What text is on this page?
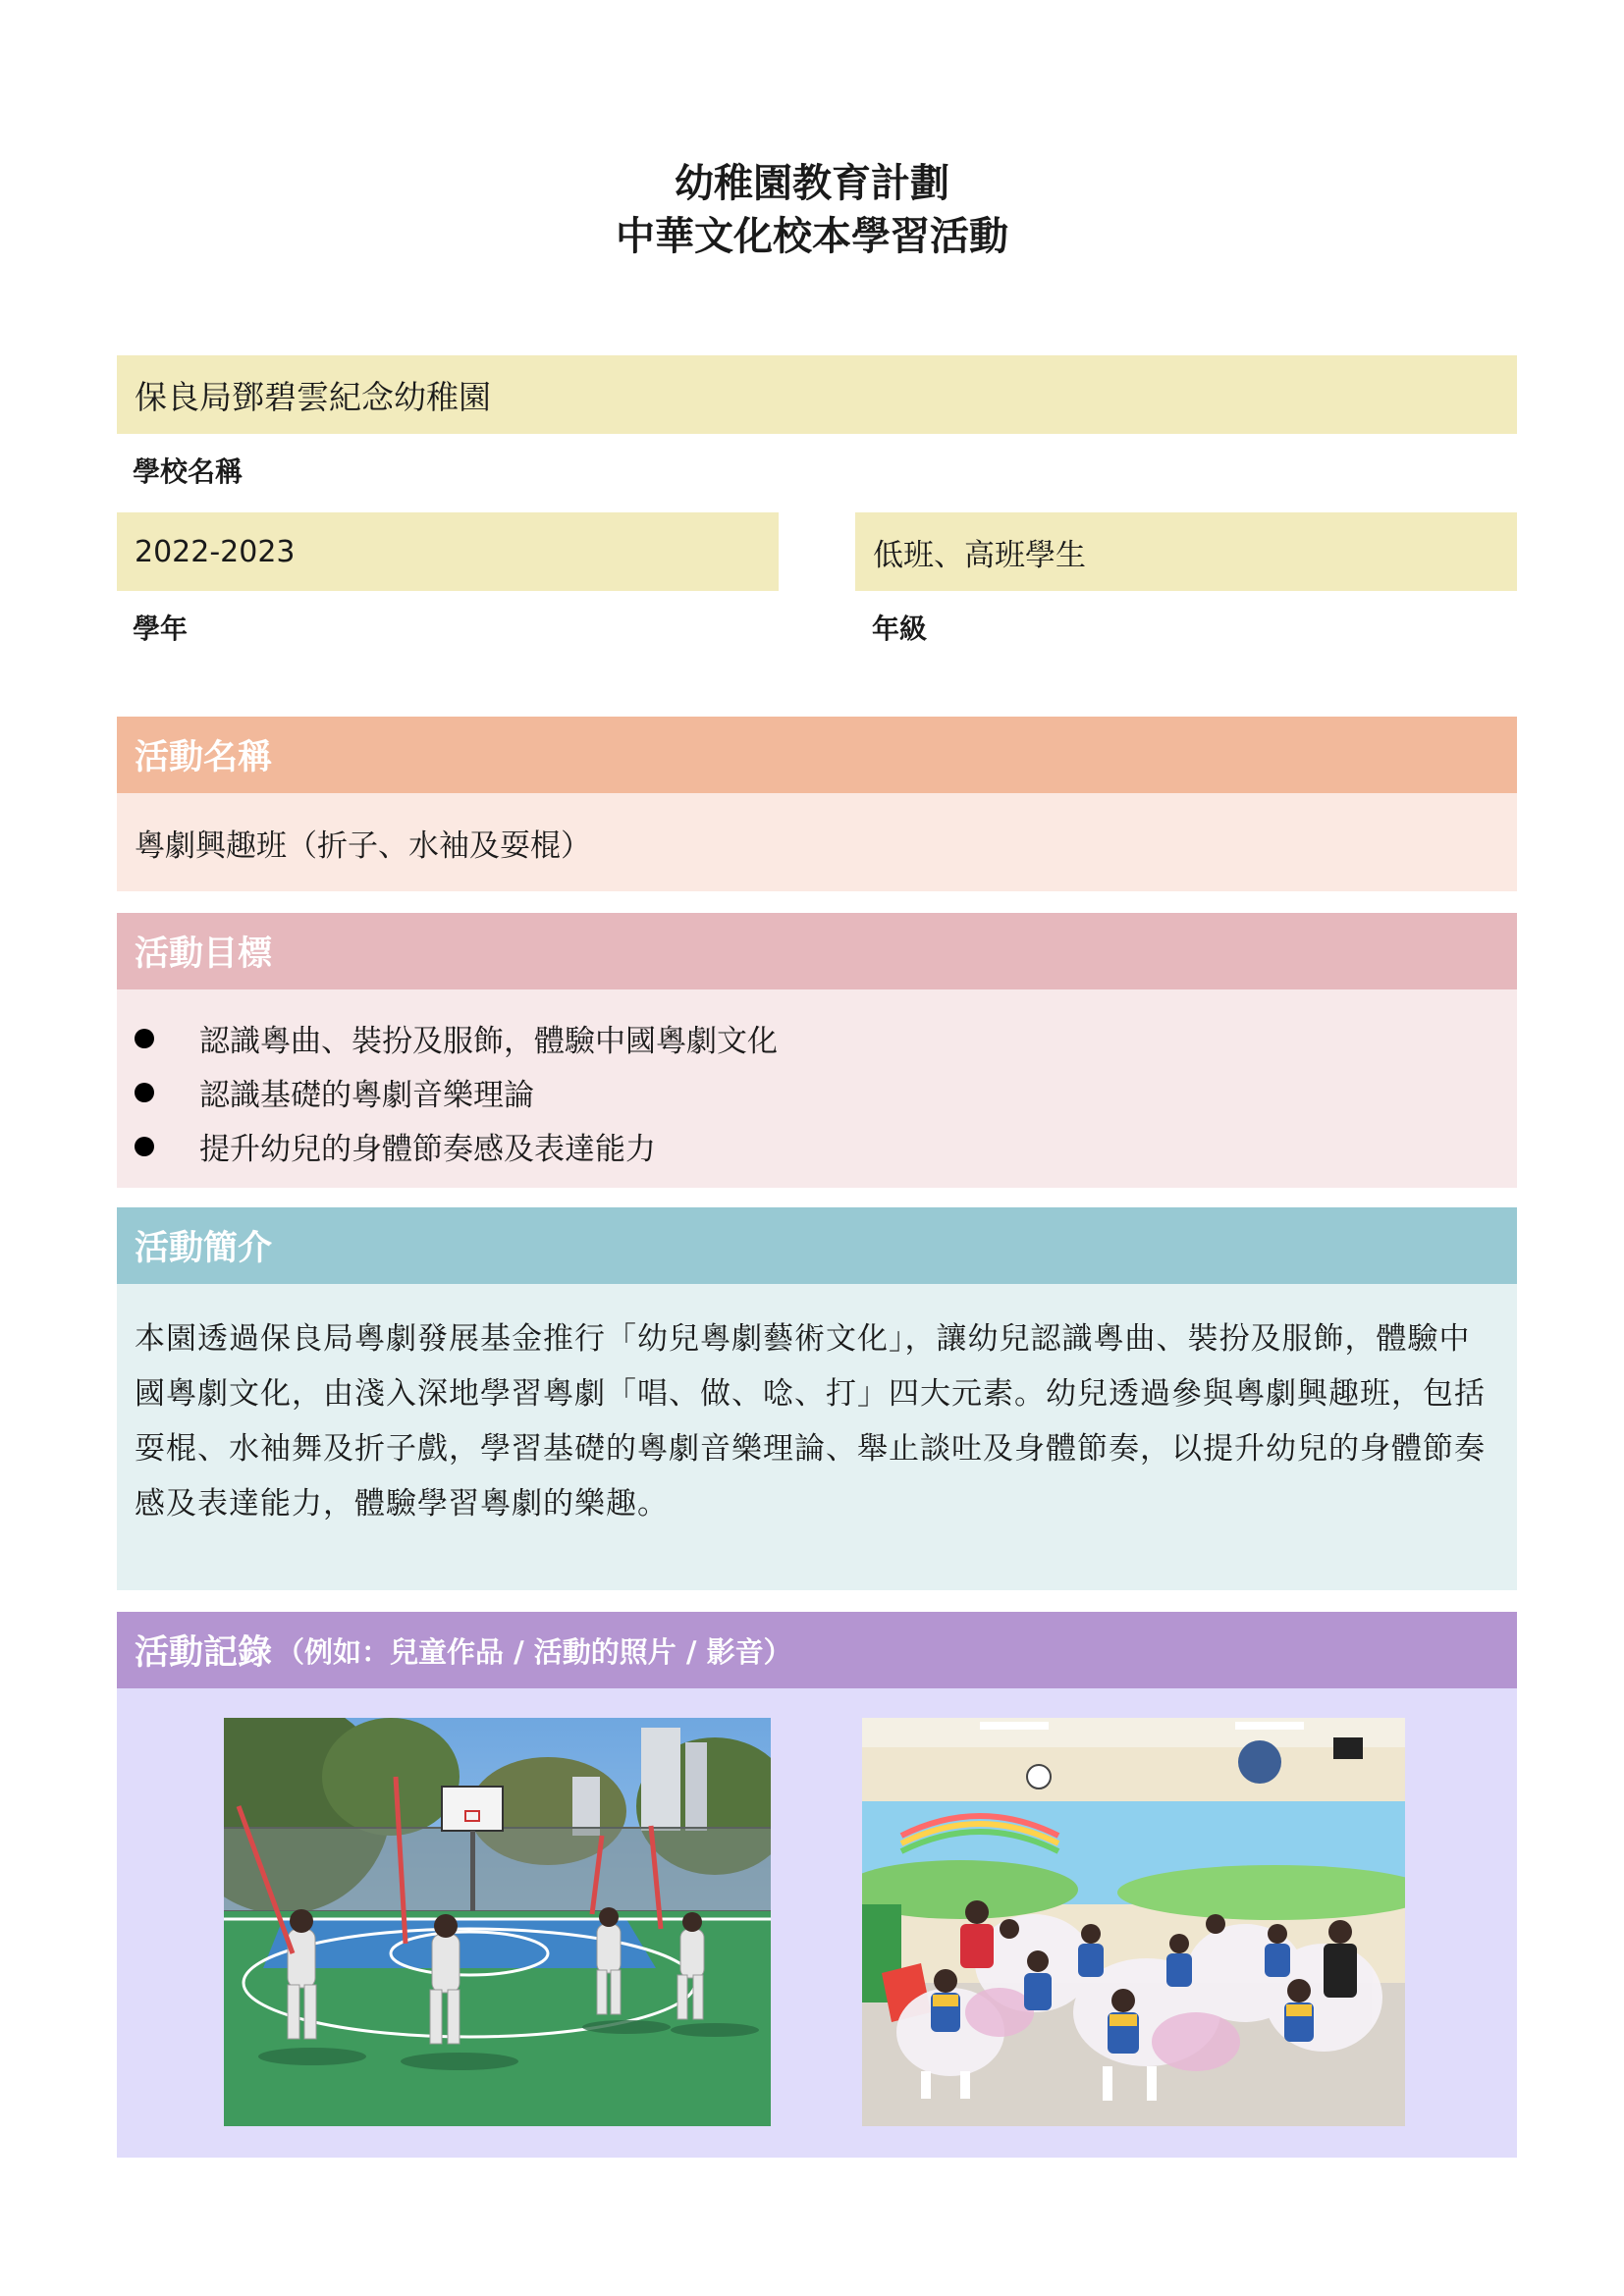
幼稚園教育計劃
中華文化校本學習活動
保良局鄧碧雲紀念幼稚園
學校名稱
2022-2023
學年
低班、高班學生
年級
活動名稱
粵劇興趣班（折子、水袖及耍棍）
活動目標
認識粵曲、裝扮及服飾，體驗中國粵劇文化
認識基礎的粵劇音樂理論
提升幼兒的身體節奏感及表達能力
活動簡介
本園透過保良局粵劇發展基金推行「幼兒粵劇藝術文化」，讓幼兒認識粵曲、裝扮及服飾，體驗中國粵劇文化，由淺入深地學習粵劇「唱、做、唸、打」四大元素。幼兒透過參與粵劇興趣班，包括耍棍、水袖舞及折子戲，學習基礎的粵劇音樂理論、舉止談吐及身體節奏，以提升幼兒的身體節奏感及表達能力，體驗學習粵劇的樂趣。
活動記錄 （例如：兒童作品 / 活動的照片 / 影音）
